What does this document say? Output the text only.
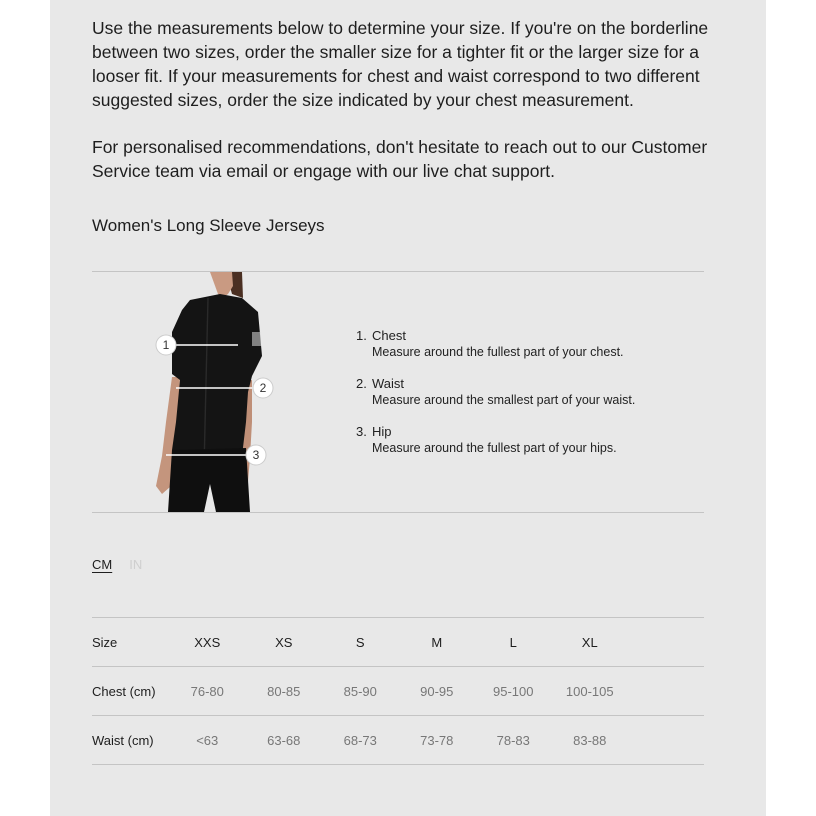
Use the measurements below to determine your size. If you're on the borderline between two sizes, order the smaller size for a tighter fit or the larger size for a looser fit. If your measurements for chest and waist correspond to two different suggested sizes, order the size indicated by your chest measurement.

For personalised recommendations, don't hesitate to reach out to our Customer Service team via email or engage with our live chat support.

Women's Long Sleeve Jerseys
1
2
3
1. Chest
Measure around the fullest part of your chest.
2. Waist
Measure around the smallest part of your waist.
3. Hip
Measure around the fullest part of your hips.
CM IN
Size	XXS	XS	S	M	L	XL	
Chest (cm)	76-80	80-85	85-90	90-95	95-100	100-105	
Waist (cm)	<63	63-68	68-73	73-78	78-83	83-88	
